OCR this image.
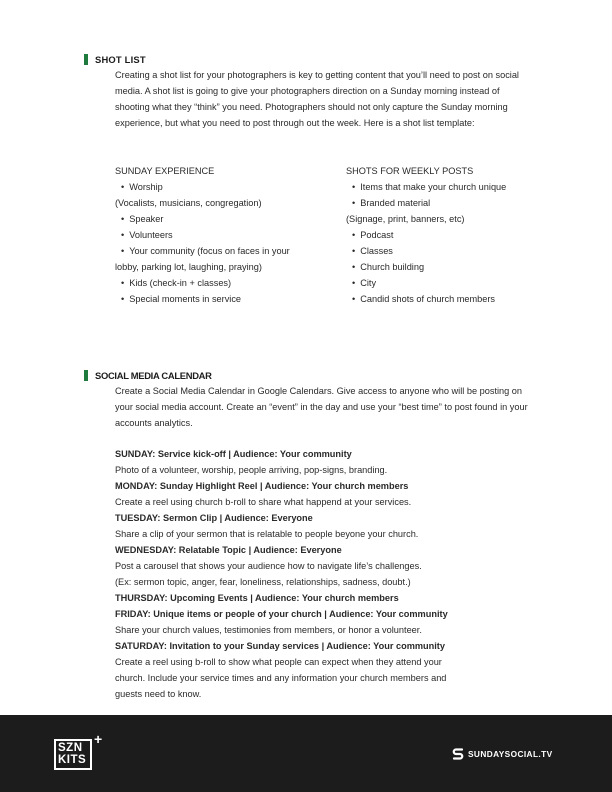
SHOT LIST

Creating a shot list for your photographers is key to getting content that you’ll need to post on social media. A shot list is going to give your photographers direction on a Sunday morning instead of shooting what they “think” you need. Photographers should not only capture the Sunday morning experience, but what you need to post through out the week. Here is a shot list template:

SUNDAY EXPERIENCE
• Worship
(Vocalists, musicians, congregation)
• Speaker
• Volunteers
• Your community (focus on faces in your
lobby, parking lot, laughing, praying)
• Kids (check-in + classes)
• Special moments in service
SHOTS FOR WEEKLY POSTS
• Items that make your church unique
• Branded material
(Signage, print, banners, etc)
• Podcast
• Classes
• Church building
• City
• Candid shots of church members
SOCIAL MEDIA CALENDAR

Create a Social Media Calendar in Google Calendars. Give access to anyone who will be posting on your social media account. Create an “event” in the day and use your “best time” to post found in your accounts analytics.

SUNDAY: Service kick-off | Audience: Your community
Photo of a volunteer, worship, people arriving, pop-signs, branding.
MONDAY: Sunday Highlight Reel | Audience: Your church members
Create a reel using church b-roll to share what happend at your services.
TUESDAY: Sermon Clip | Audience: Everyone
Share a clip of your sermon that is relatable to people beyone your church.
WEDNESDAY: Relatable Topic | Audience: Everyone
Post a carousel that shows your audience how to navigate life’s challenges.
(Ex: sermon topic, anger, fear, loneliness, relationships, sadness, doubt.)
THURSDAY: Upcoming Events | Audience: Your church members
FRIDAY: Unique items or people of your church | Audience: Your community
Share your church values, testimonies from members, or honor a volunteer.
SATURDAY: Invitation to your Sunday services | Audience: Your community
Create a reel using b-roll to show what people can expect when they attend your
church. Include your service times and any information your church members and
guests need to know.
SZN
KITS
+
SUNDAYSOCIAL.TV
